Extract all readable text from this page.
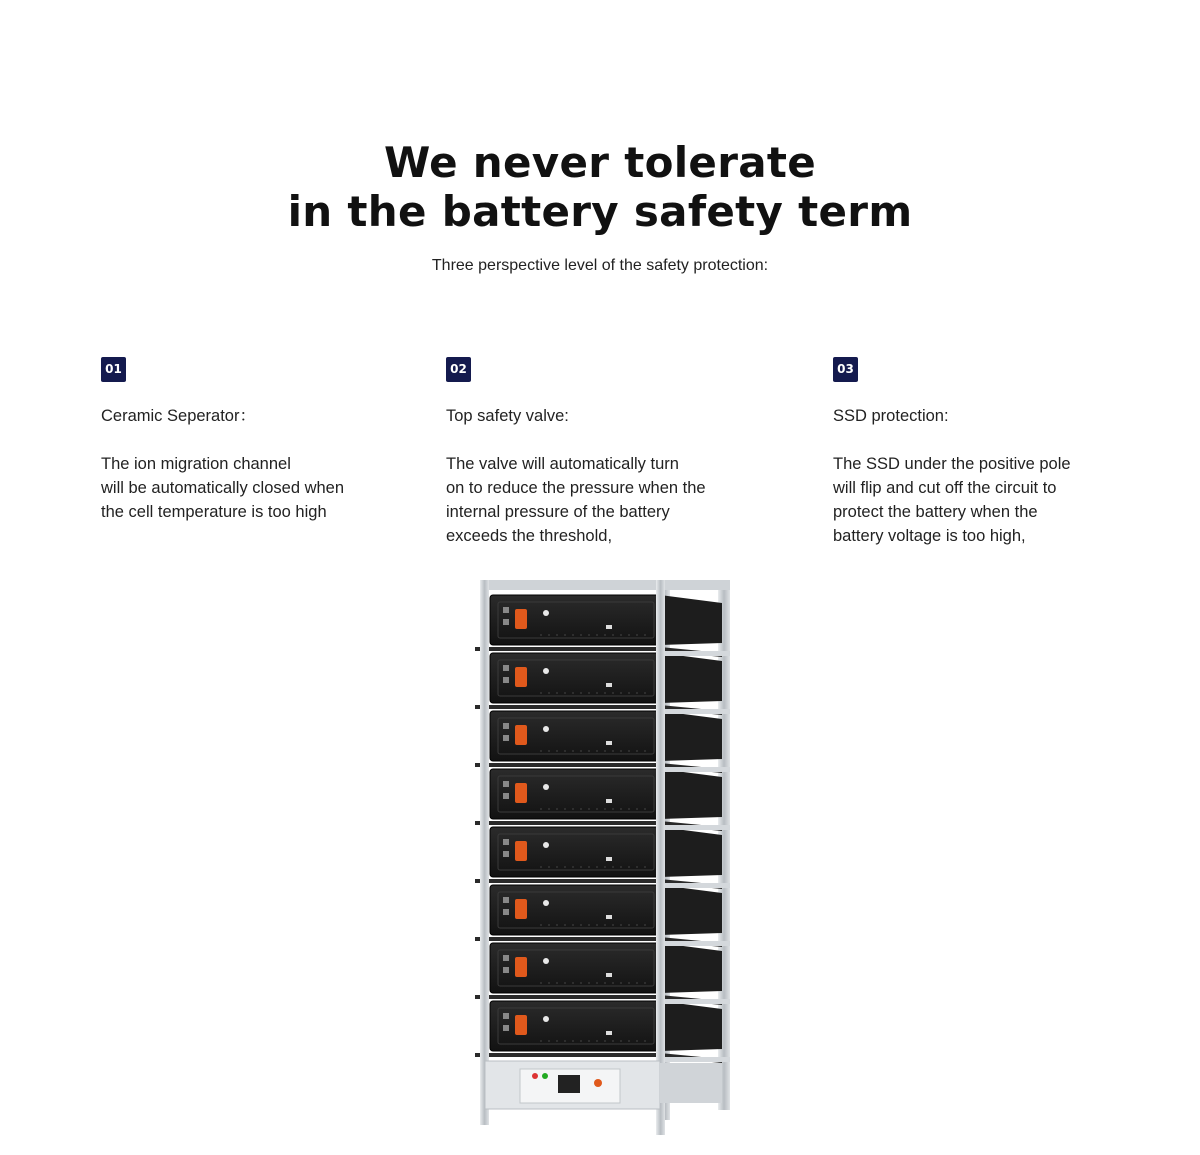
We never tolerate
in the battery safety term

Three perspective level of the safety protection:

01
Ceramic Seperator：
The ion migration channel
will be automatically closed when
the cell temperature is too high
02
Top safety valve:
The valve will automatically turn
on to reduce the pressure when the
internal pressure of the battery
exceeds the threshold,
03
SSD protection:
The SSD under the positive pole
will flip and cut off the circuit to
protect the battery when the
battery voltage is too high,
